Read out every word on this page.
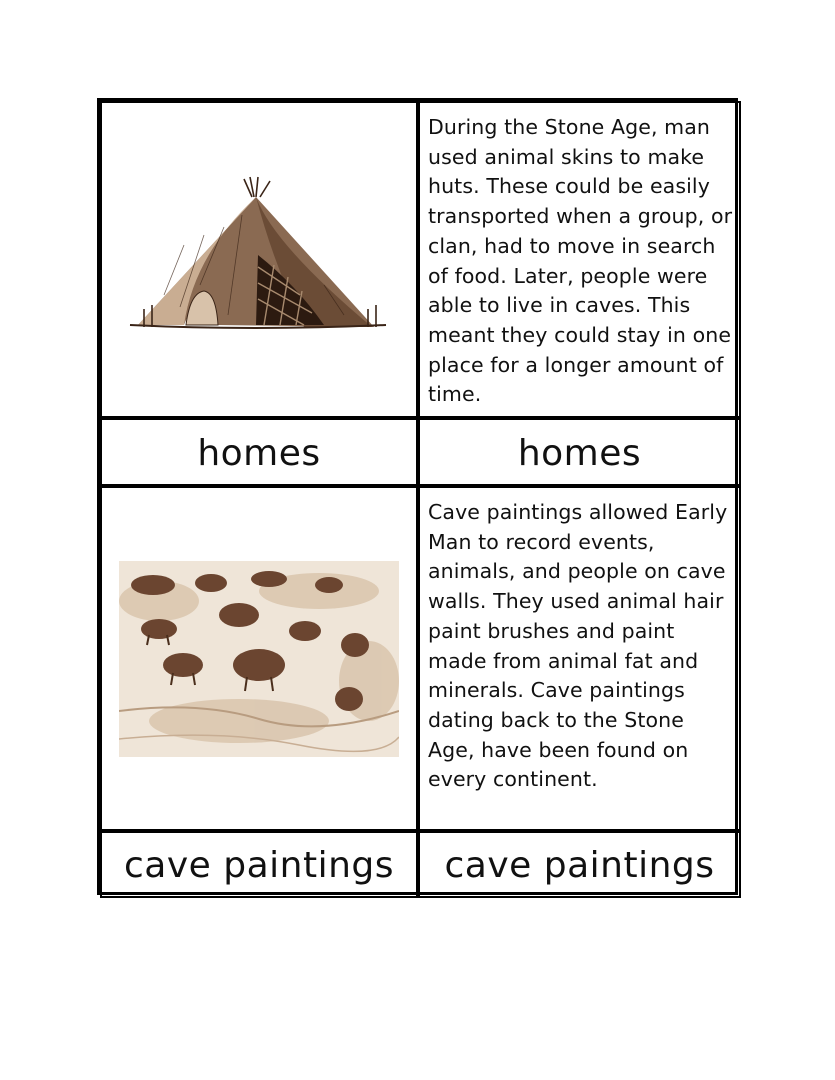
During the Stone Age, man used animal skins to make huts. These could be easily transported when a group, or clan, had to move in search of food. Later, people were able to live in caves. This meant they could stay in one place for a longer amount of time.
homes	homes
Cave paintings allowed Early Man to record events, animals, and people on cave walls. They used animal hair paint brushes and paint made from animal fat and minerals. Cave paintings dating back to the Stone Age, have been found on every continent.
cave paintings cave paintings
